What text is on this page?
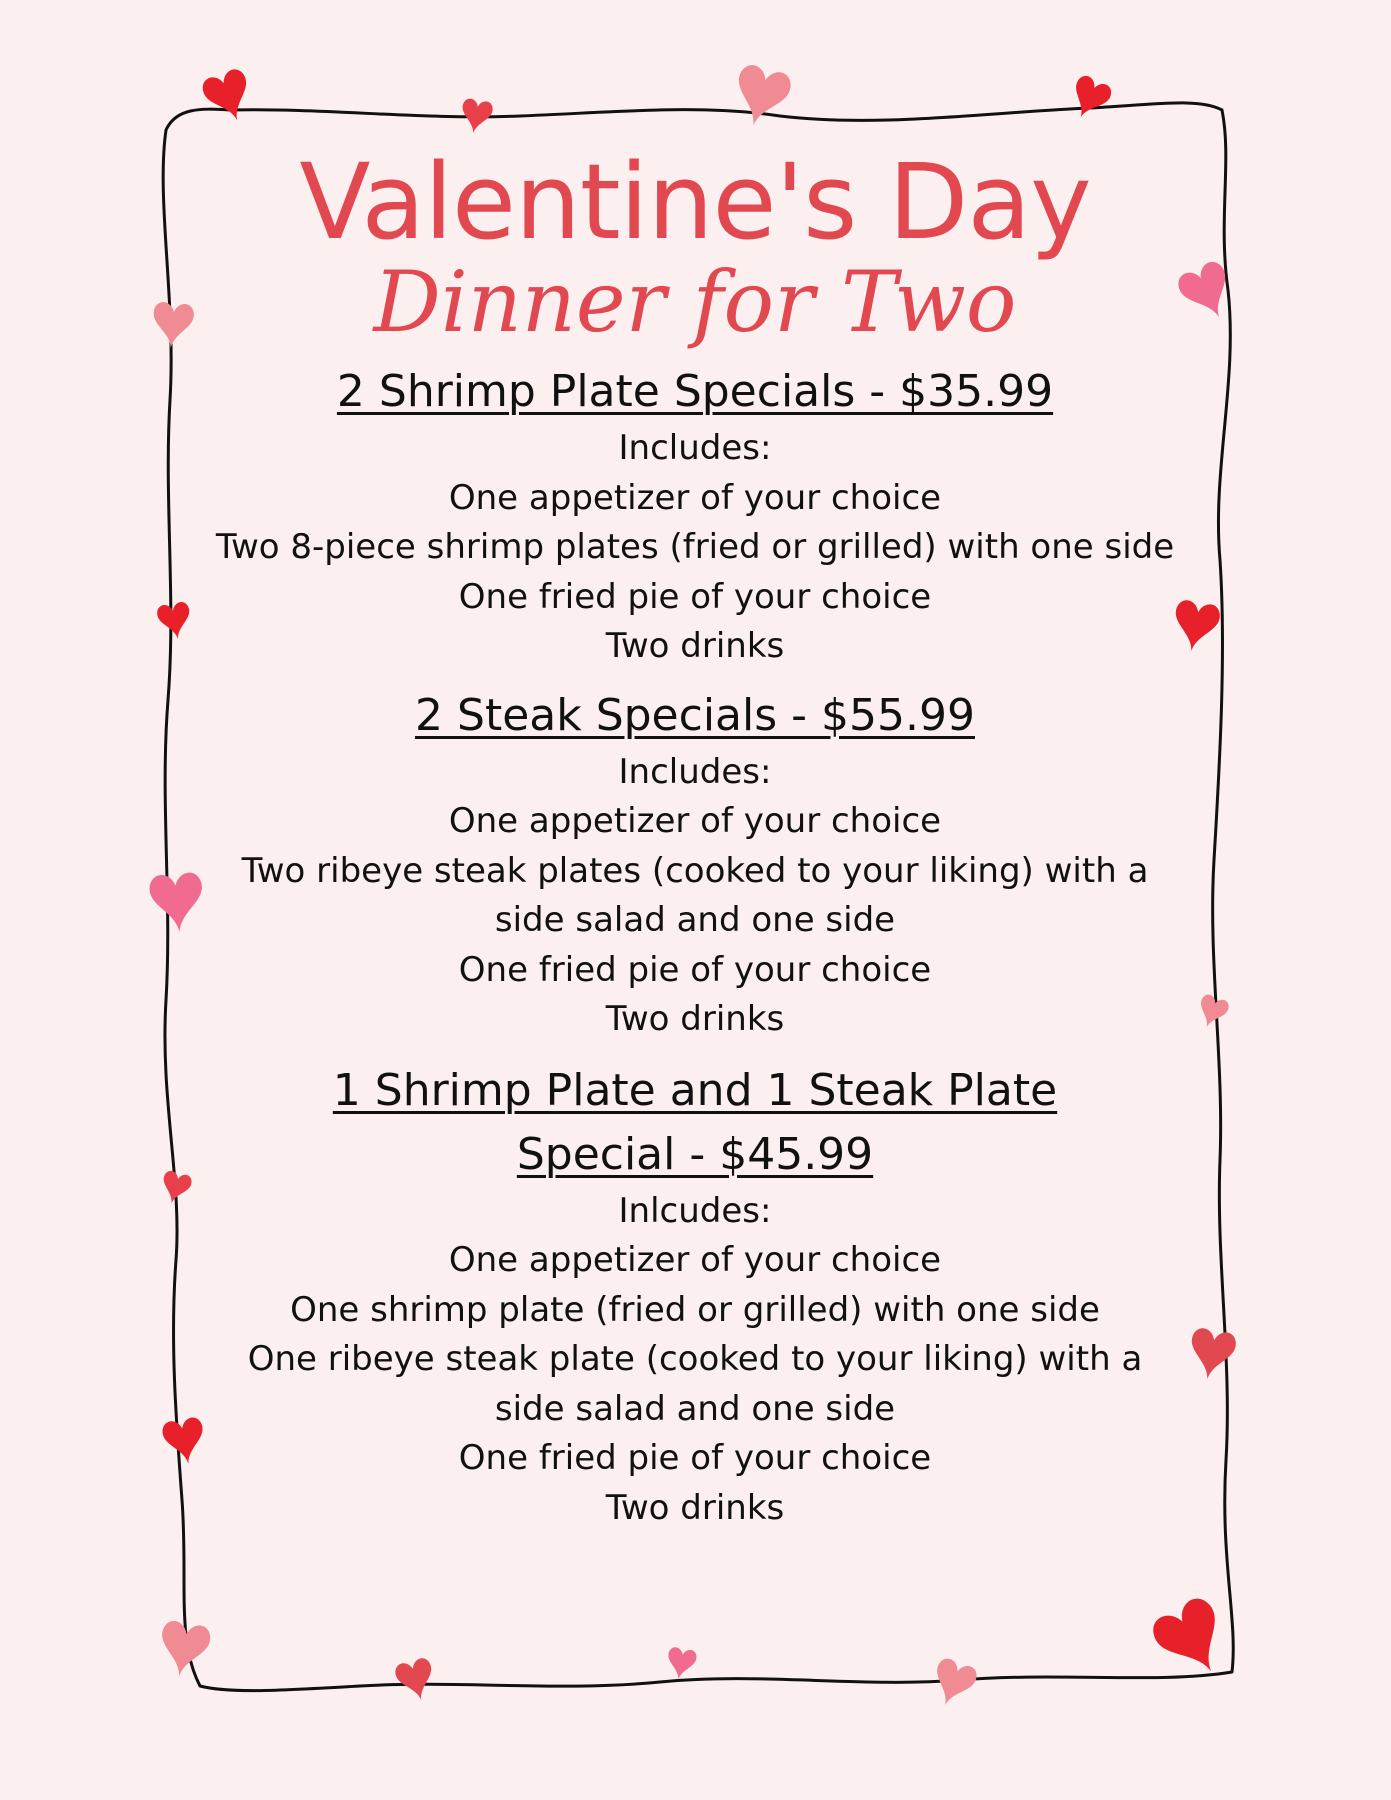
Valentine's Day
Dinner for Two
2 Shrimp Plate Specials - $35.99
Includes:
One appetizer of your choice
Two 8-piece shrimp plates (fried or grilled) with one side
One fried pie of your choice
Two drinks
2 Steak Specials - $55.99
Includes:
One appetizer of your choice
Two ribeye steak plates (cooked to your liking) with a side salad and one side
One fried pie of your choice
Two drinks
1 Shrimp Plate and 1 Steak Plate Special - $45.99
Inlcudes:
One appetizer of your choice
One shrimp plate (fried or grilled) with one side
One ribeye steak plate (cooked to your liking) with a side salad and one side
One fried pie of your choice
Two drinks
